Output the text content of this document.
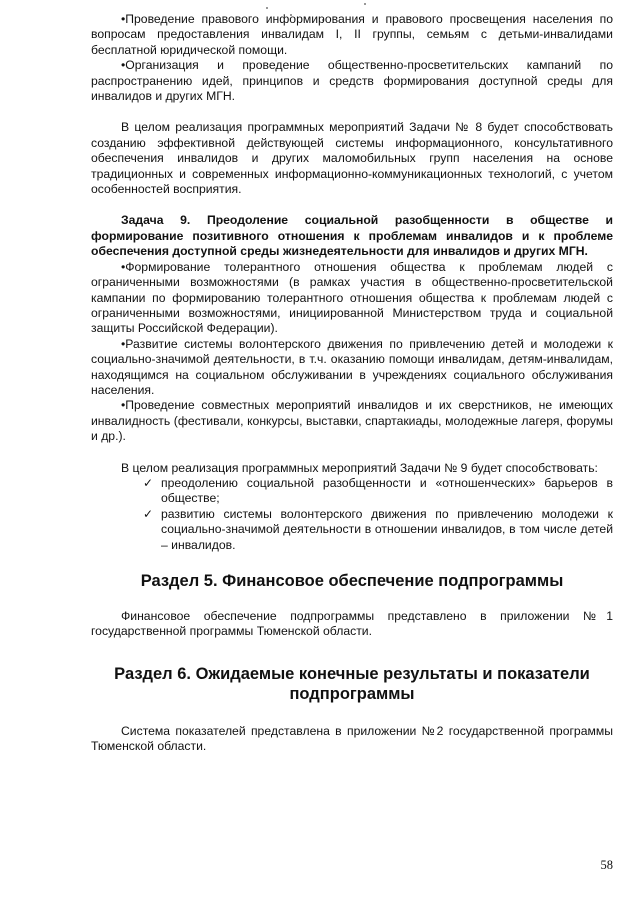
•Проведение правового информирования и правового просвещения населения по вопросам предоставления инвалидам I, II группы, семьям с детьми-инвалидами бесплатной юридической помощи.

•Организация и проведение общественно-просветительских кампаний по распространению идей, принципов и средств формирования доступной среды для инвалидов и других МГН.

В целом реализация программных мероприятий Задачи № 8 будет способствовать созданию эффективной действующей системы информационного, консультативного обеспечения инвалидов и других маломобильных групп населения на основе традиционных и современных информационно-коммуникационных технологий, с учетом особенностей восприятия.

Задача 9. Преодоление социальной разобщенности в обществе и формирование позитивного отношения к проблемам инвалидов и к проблеме обеспечения доступной среды жизнедеятельности для инвалидов и других МГН.

•Формирование толерантного отношения общества к проблемам людей с ограниченными возможностями (в рамках участия в общественно-просветительской кампании по формированию толерантного отношения общества к проблемам людей с ограниченными возможностями, инициированной Министерством труда и социальной защиты Российской Федерации).

•Развитие системы волонтерского движения по привлечению детей и молодежи к социально-значимой деятельности, в т.ч. оказанию помощи инвалидам, детям-инвалидам, находящимся на социальном обслуживании в учреждениях социального обслуживания населения.

•Проведение совместных мероприятий инвалидов и их сверстников, не имеющих инвалидность (фестивали, конкурсы, выставки, спартакиады, молодежные лагеря, форумы и др.).

В целом реализация программных мероприятий Задачи № 9 будет способствовать:

✓ преодолению социальной разобщенности и «отношенческих» барьеров в обществе;
✓ развитию системы волонтерского движения по привлечению молодежи к социально-значимой деятельности в отношении инвалидов, в том числе детей – инвалидов.
Раздел 5. Финансовое обеспечение подпрограммы

Финансовое обеспечение подпрограммы представлено в приложении №1 государственной программы Тюменской области.

Раздел 6. Ожидаемые конечные результаты и показатели подпрограммы

Система показателей представлена в приложении №2 государственной программы Тюменской области.

58
